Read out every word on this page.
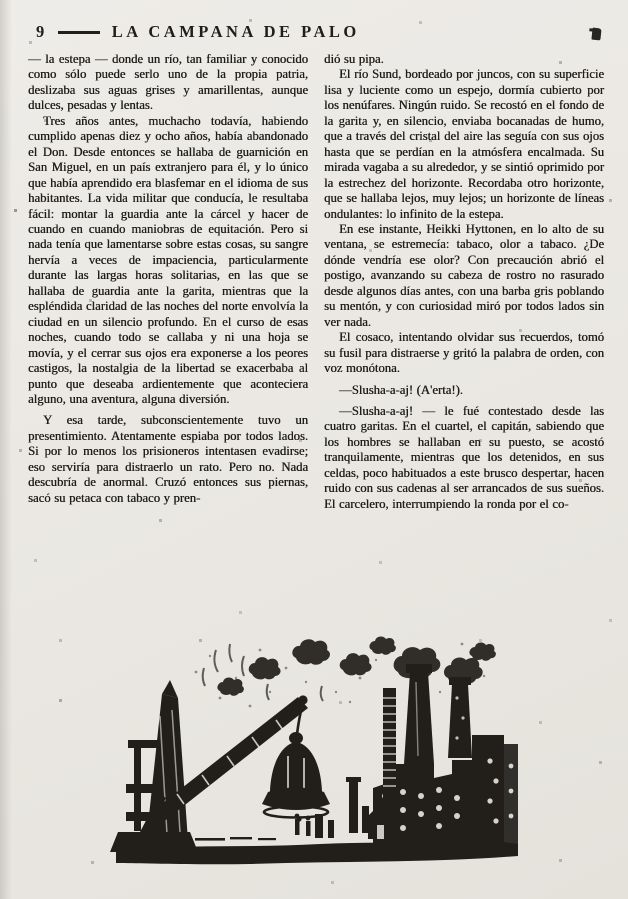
9	LA CAMPANA DE PALO

— la estepa — donde un río, tan familiar y conocido como sólo puede serlo uno de la propia patria, deslizaba sus aguas grises y amarillentas, aunque dulces, pesadas y lentas.

Tres años antes, muchacho todavía, habiendo cumplido apenas diez y ocho años, había abandonado el Don. Desde entonces se hallaba de guarnición en San Miguel, en un país extranjero para él, y lo único que había aprendido era blasfemar en el idioma de sus habitantes. La vida militar que conducía, le resultaba fácil: montar la guardia ante la cárcel y hacer de cuando en cuando maniobras de equitación. Pero si nada tenía que lamentarse sobre estas cosas, su sangre hervía a veces de impaciencia, particularmente durante las largas horas solitarias, en las que se hallaba de guardia ante la garita, mientras que la espléndida claridad de las noches del norte envolvía la ciudad en un silencio profundo. En el curso de esas noches, cuando todo se callaba y ni una hoja se movía, y el cerrar sus ojos era exponerse a los peores castigos, la nostalgia de la libertad se exacerbaba al punto que deseaba ardientemente que aconteciera alguno, una aventura, alguna diversión.

Y esa tarde, subconscientemente tuvo un presentimiento. Atentamente espiaba por todos lados. Si por lo menos los prisioneros intentasen evadirse; eso serviría para distraerlo un rato. Pero no. Nada descubría de anormal. Cruzó entonces sus piernas, sacó su petaca con tabaco y pren-

dió su pipa.

El río Sund, bordeado por juncos, con su superficie lisa y luciente como un espejo, dormía cubierto por los nenúfares. Ningún ruido. Se recostó en el fondo de la garita y, en silencio, enviaba bocanadas de humo, que a través del cristal del aire las seguía con sus ojos hasta que se perdían en la atmósfera encalmada. Su mirada vagaba a su alrededor, y se sintió oprimido por la estrechez del horizonte. Recordaba otro horizonte, que se hallaba lejos, muy lejos; un horizonte de líneas ondulantes: lo infinito de la estepa.

En ese instante, Heikki Hyttonen, en lo alto de su ventana, se estremecía: tabaco, olor a tabaco. ¿De dónde vendría ese olor? Con precaución abrió el postigo, avanzando su cabeza de rostro no rasurado desde algunos días antes, con una barba gris poblando su mentón, y con curiosidad miró por todos lados sin ver nada.

El cosaco, intentando olvidar sus recuerdos, tomó su fusil para distraerse y gritó la palabra de orden, con voz monótona.

—Slusha-a-aj! (A'erta!).

—Slusha-a-aj! — le fué contestado desde las cuatro garitas. En el cuartel, el capitán, sabiendo que los hombres se hallaban en su puesto, se acostó tranquilamente, mientras que los detenidos, en sus celdas, poco habituados a este brusco despertar, hacen ruido con sus cadenas al ser arrancados de sus sueños. El carcelero, interrumpiendo la ronda por el co-
